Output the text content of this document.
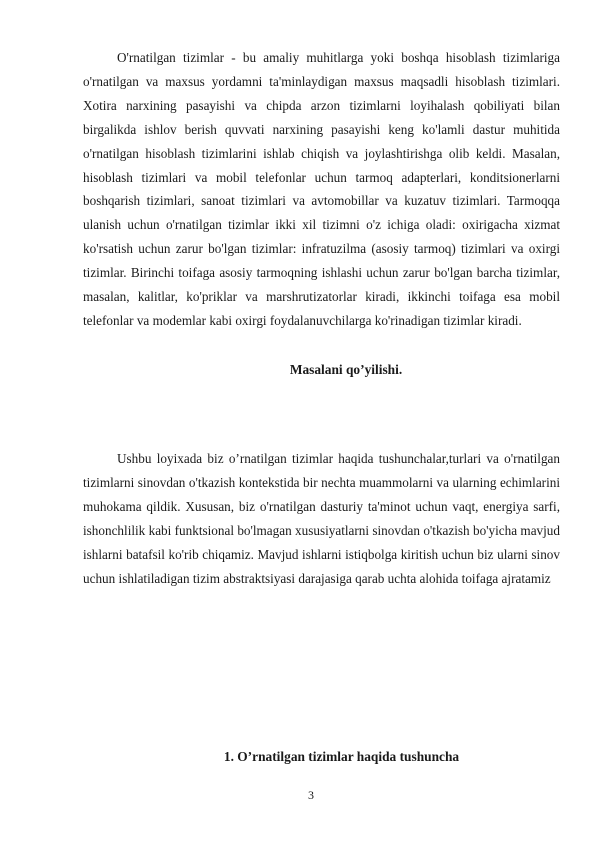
O'rnatilgan tizimlar - bu amaliy muhitlarga yoki boshqa hisoblash tizimlariga o'rnatilgan va maxsus yordamni ta'minlaydigan maxsus maqsadli hisoblash tizimlari. Xotira narxining pasayishi va chipda arzon tizimlarni loyihalash qobiliyati bilan birgalikda ishlov berish quvvati narxining pasayishi keng ko'lamli dastur muhitida o'rnatilgan hisoblash tizimlarini ishlab chiqish va joylashtirishga olib keldi. Masalan, hisoblash tizimlari va mobil telefonlar uchun tarmoq adapterlari, konditsionerlarni boshqarish tizimlari, sanoat tizimlari va avtomobillar va kuzatuv tizimlari. Tarmoqqa ulanish uchun o'rnatilgan tizimlar ikki xil tizimni o'z ichiga oladi: oxirigacha xizmat ko'rsatish uchun zarur bo'lgan tizimlar: infratuzilma (asosiy tarmoq) tizimlari va oxirgi tizimlar. Birinchi toifaga asosiy tarmoqning ishlashi uchun zarur bo'lgan barcha tizimlar, masalan, kalitlar, ko'priklar va marshrutizatorlar kiradi, ikkinchi toifaga esa mobil telefonlar va modemlar kabi oxirgi foydalanuvchilarga ko'rinadigan tizimlar kiradi.

Masalani qo’yilishi.

Ushbu loyixada biz o’rnatilgan tizimlar haqida tushunchalar,turlari va o'rnatilgan tizimlarni sinovdan o'tkazish kontekstida bir nechta muammolarni va ularning echimlarini muhokama qildik. Xususan, biz o'rnatilgan dasturiy ta'minot uchun vaqt, energiya sarfi, ishonchlilik kabi funktsional bo'lmagan xususiyatlarni sinovdan o'tkazish bo'yicha mavjud ishlarni batafsil ko'rib chiqamiz. Mavjud ishlarni istiqbolga kiritish uchun biz ularni sinov uchun ishlatiladigan tizim abstraktsiyasi darajasiga qarab uchta alohida toifaga ajratamiz

1. O’rnatilgan tizimlar haqida tushuncha

3
